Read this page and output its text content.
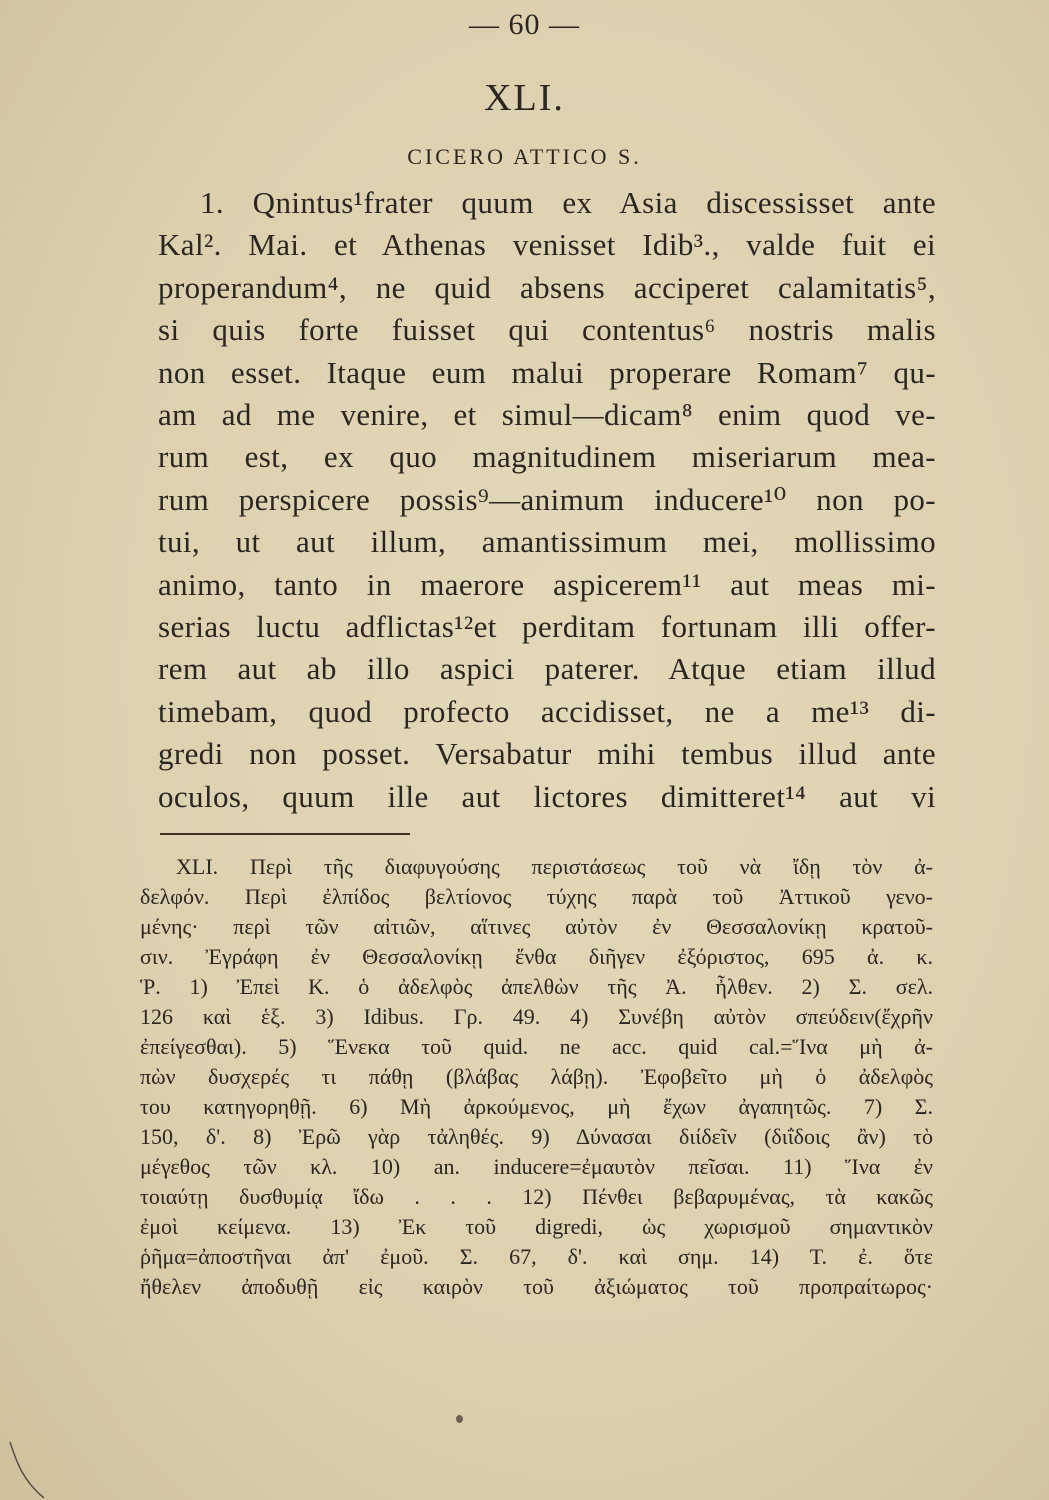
— 60 —
XLI.
CICERO ATTICO S.
1. Qnintus¹frater quum ex Asia discessisset ante
Kal². Mai. et Athenas venisset Idib³., valde fuit ei
properandum⁴, ne quid absens acciperet calamitatis⁵,
si quis forte fuisset qui contentus⁶ nostris malis
non esset. Itaque eum malui properare Romam⁷ qu-
am ad me venire, et simul—dicam⁸ enim quod ve-
rum est, ex quo magnitudinem miseriarum mea-
rum perspicere possis⁹—animum inducere¹⁰ non po-
tui, ut aut illum, amantissimum mei, mollissimo
animo, tanto in maerore aspicerem¹¹ aut meas mi-
serias luctu adflictas¹²et perditam fortunam illi offer-
rem aut ab illo aspici paterer. Atque etiam illud
timebam, quod profecto accidisset, ne a me¹³ di-
gredi non posset. Versabatur mihi tembus illud ante
oculos, quum ille aut lictores dimitteret¹⁴ aut vi
XLI. Περὶ τῆς διαφυγούσης περιστάσεως τοῦ νὰ ἴδῃ τὸν ἀ-
δελφόν. Περὶ ἐλπίδος βελτίονος τύχης παρὰ τοῦ Ἀττικοῦ γενο-
μένης· περὶ τῶν αἰτιῶν, αἵτινες αὐτὸν ἐν Θεσσαλονίκῃ κρατοῦ-
σιν. Ἐγράφη ἐν Θεσσαλονίκῃ ἔνθα διῆγεν ἐξόριστος, 695 ἀ. κ.
Ῥ. 1) Ἐπεὶ Κ. ὁ ἀδελφὸς ἀπελθὼν τῆς Ἀ. ἦλθεν. 2) Σ. σελ.
126 καὶ ἑξ. 3) Idibus. Γρ. 49. 4) Συνέβη αὐτὸν σπεύδειν(ἔχρῆν
ἐπείγεσθαι). 5) Ἕνεκα τοῦ quid. ne acc. quid cal.=Ἵνα μὴ ἀ-
πὼν δυσχερές τι πάθῃ (βλάβας λάβῃ). Ἐφοβεῖτο μὴ ὁ ἀδελφὸς
του κατηγορηθῇ. 6) Μὴ ἀρκούμενος, μὴ ἔχων ἀγαπητῶς. 7) Σ.
150, δ'. 8) Ἐρῶ γὰρ τἀληθές. 9) Δύνασαι διίδεῖν (διΐδοις ἂν) τὸ
μέγεθος τῶν κλ. 10) an. inducere=ἐμαυτὸν πεῖσαι. 11) Ἵνα ἐν
τοιαύτῃ δυσθυμίᾳ ἴδω . . . 12) Πένθει βεβαρυμένας, τὰ κακῶς
ἐμοὶ κείμενα. 13) Ἐκ τοῦ digredi, ὡς χωρισμοῦ σημαντικὸν
ῥῆμα=ἀποστῆναι ἀπ' ἐμοῦ. Σ. 67, δ'. καὶ σημ. 14) Τ. ἐ. ὅτε
ἤθελεν ἀποδυθῇ εἰς καιρὸν τοῦ ἀξιώματος τοῦ προπραίτωρος·
